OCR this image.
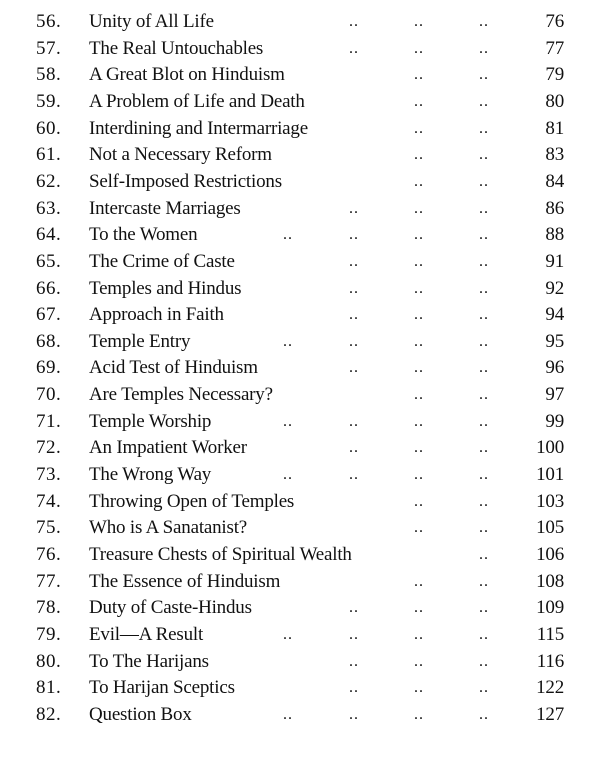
56. Unity of All Life	..	..	..	76
57. The Real Untouchables	..	..	..	77
58. A Great Blot on Hinduism	..	..	79
59. A Problem of Life and Death	..	..	80
60. Interdining and Intermarriage	..	..	81
61. Not a Necessary Reform	..	..	83
62. Self-Imposed Restrictions	..	..	84
63. Intercaste Marriages	..	..	..	86
64. To the Women	..	..	..	..	88
65. The Crime of Caste	..	..	..	91
66. Temples and Hindus	..	..	..	92
67. Approach in Faith	..	..	..	94
68. Temple Entry	..	..	..	..	95
69. Acid Test of Hinduism	..	..	..	96
70. Are Temples Necessary?	..	..	97
71. Temple Worship	..	..	..	..	99
72. An Impatient Worker	..	..	.. 100
73. The Wrong Way	..	..	..	.. 101
74. Throwing Open of Temples	..	.. 103
75. Who is A Sanatanist?	..	.. 105
76. Treasure Chests of Spiritual Wealth	.. 106
77. The Essence of Hinduism	..	.. 108
78. Duty of Caste-Hindus	..	..	.. 109
79. Evil—A Result	..	..	..	..	115
80. To The Harijans	..	..	..	116
81. To Harijan Sceptics	..	..	.. 122
82. Question Box	..	..	..	.. 127
